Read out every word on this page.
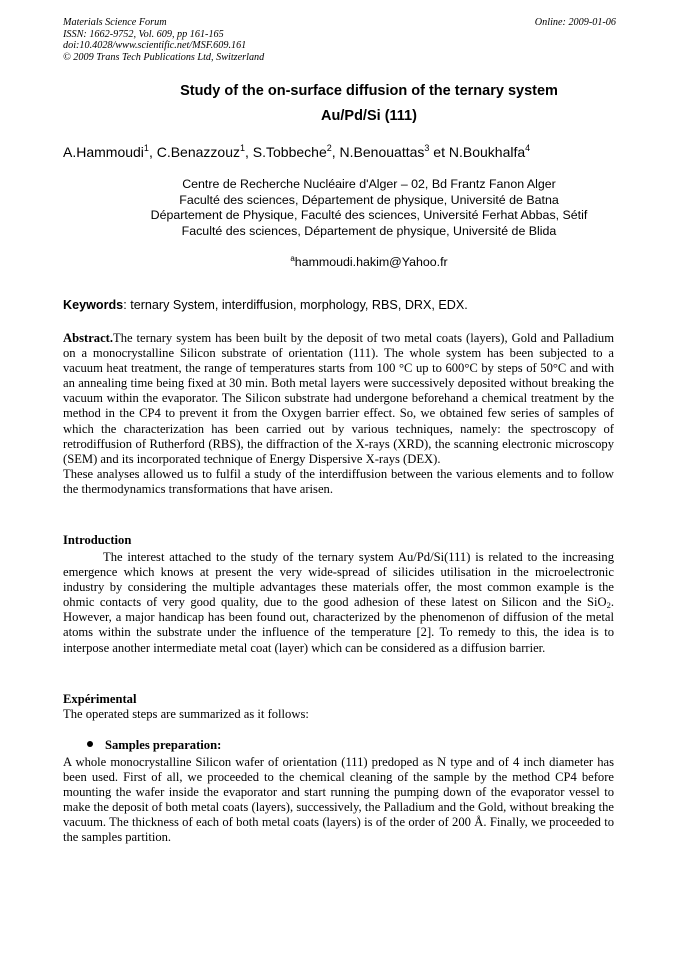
Materials Science Forum
ISSN: 1662-9752, Vol. 609, pp 161-165
doi:10.4028/www.scientific.net/MSF.609.161
© 2009 Trans Tech Publications Ltd, Switzerland
Online: 2009-01-06
Study of the on-surface diffusion of the ternary system
Au/Pd/Si (111)
A.Hammoudi$^1$, C.Benazzouz$^1$, S.Tobbeche$^2$, N.Benouattas$^3$ et N.Boukhalfa$^4$
Centre de Recherche Nucléaire d'Alger – 02, Bd Frantz Fanon Alger
Faculté des sciences, Département de physique, Université de Batna
Département de Physique, Faculté des sciences, Université Ferhat Abbas, Sétif
Faculté des sciences, Département de physique, Université de Blida
$^a$hammoudi.hakim@Yahoo.fr
Keywords: ternary System, interdiffusion, morphology, RBS, DRX, EDX.
Abstract.The ternary system has been built by the deposit of two metal coats (layers), Gold and Palladium on a monocrystalline Silicon substrate of orientation (111). The whole system has been subjected to a vacuum heat treatment, the range of temperatures starts from 100 °C up to 600°C by steps of 50°C and with an annealing time being fixed at 30 min. Both metal layers were successively deposited without breaking the vacuum within the evaporator. The Silicon substrate had undergone beforehand a chemical treatment by the method in the CP4 to prevent it from the Oxygen barrier effect. So, we obtained few series of samples of which the characterization has been carried out by various techniques, namely: the spectroscopy of retrodiffusion of Rutherford (RBS), the diffraction of the X-rays (XRD), the scanning electronic microscopy (SEM) and its incorporated technique of Energy Dispersive X-rays (DEX).
These analyses allowed us to fulfil a study of the interdiffusion between the various elements and to follow the thermodynamics transformations that have arisen.
Introduction
The interest attached to the study of the ternary system Au/Pd/Si(111) is related to the increasing emergence which knows at present the very wide-spread of silicides utilisation in the microelectronic industry by considering the multiple advantages these materials offer, the most common example is the ohmic contacts of very good quality, due to the good adhesion of these latest on Silicon and the SiO$_2$. However, a major handicap has been found out, characterized by the phenomenon of diffusion of the metal atoms within the substrate under the influence of the temperature [2]. To remedy to this, the idea is to interpose another intermediate metal coat (layer) which can be considered as a diffusion barrier.
Expérimental
The operated steps are summarized as it follows:
Samples preparation:
A whole monocrystalline Silicon wafer of orientation (111) predoped as N type and of 4 inch diameter has been used. First of all, we proceeded to the chemical cleaning of the sample by the method CP4 before mounting the wafer inside the evaporator and start running the pumping down of the evaporator vessel to make the deposit of both metal coats (layers), successively, the Palladium and the Gold, without breaking the vacuum. The thickness of each of both metal coats (layers) is of the order of 200 Å. Finally, we proceeded to the samples partition.
